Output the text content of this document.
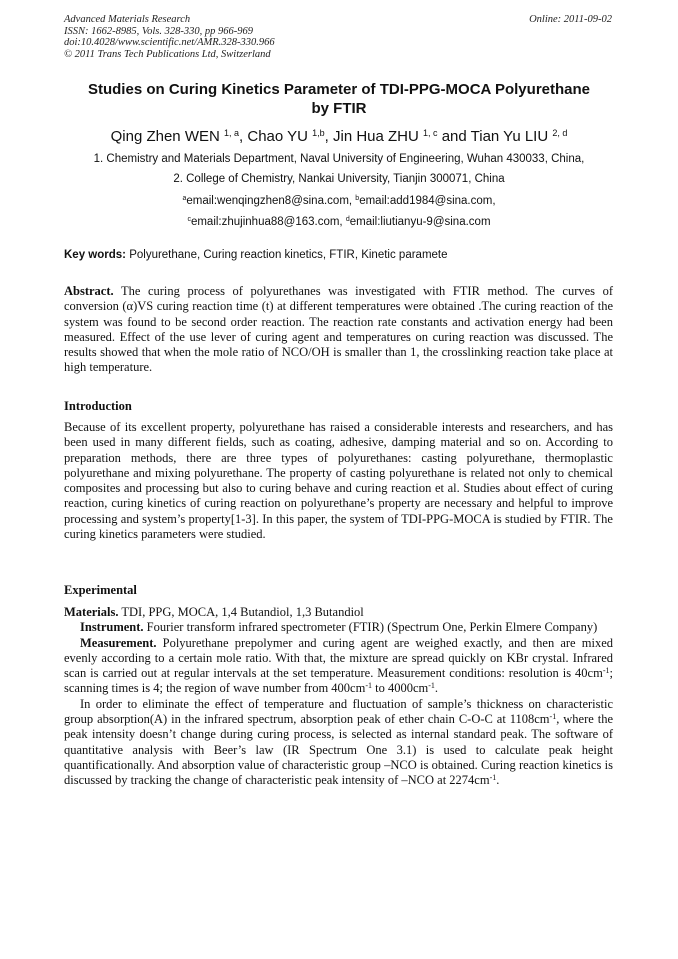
Advanced Materials Research
ISSN: 1662-8985, Vols. 328-330, pp 966-969
doi:10.4028/www.scientific.net/AMR.328-330.966
© 2011 Trans Tech Publications Ltd, Switzerland
Online: 2011-09-02
Studies on Curing Kinetics Parameter of TDI-PPG-MOCA Polyurethane
by FTIR
Qing Zhen WEN $^{1, a}$, Chao YU $^{1,b}$, Jin Hua ZHU $^{1, c}$ and Tian Yu LIU $^{2, d}$
1. Chemistry and Materials Department, Naval University of Engineering, Wuhan 430033, China,
2. College of Chemistry, Nankai University, Tianjin 300071, China
$^a$email:wenqingzhen8@sina.com, $^b$email:add1984@sina.com,
$^c$email:zhujinhua88@163.com, $^d$email:liutianyu-9@sina.com
Key words: Polyurethane, Curing reaction kinetics, FTIR, Kinetic paramete

Abstract. The curing process of polyurethanes was investigated with FTIR method. The curves of conversion (α)VS curing reaction time (t) at different temperatures were obtained .The curing reaction of the system was found to be second order reaction. The reaction rate constants and activation energy had been measured. Effect of the use lever of curing agent and temperatures on curing reaction was discussed. The results showed that when the mole ratio of NCO/OH is smaller than 1, the crosslinking reaction take place at high temperature.

Introduction

Because of its excellent property, polyurethane has raised a considerable interests and researchers, and has been used in many different fields, such as coating, adhesive, damping material and so on. According to preparation methods, there are three types of polyurethanes: casting polyurethane, thermoplastic polyurethane and mixing polyurethane. The property of casting polyurethane is related not only to chemical composites and processing but also to curing behave and curing reaction et al. Studies about effect of curing reaction, curing kinetics of curing reaction on polyurethane’s property are necessary and helpful to improve processing and system’s property[1-3]. In this paper, the system of TDI-PPG-MOCA is studied by FTIR. The curing kinetics parameters were studied.

Experimental

Materials. TDI, PPG, MOCA, 1,4 Butandiol, 1,3 Butandiol

Instrument. Fourier transform infrared spectrometer (FTIR) (Spectrum One, Perkin Elmere Company)

Measurement. Polyurethane prepolymer and curing agent are weighed exactly, and then are mixed evenly according to a certain mole ratio. With that, the mixture are spread quickly on KBr crystal. Infrared scan is carried out at regular intervals at the set temperature. Measurement conditions: resolution is $40cm^{-1}$; scanning times is 4; the region of wave number from $400cm^{-1}$ to $4000cm^{-1}$.

In order to eliminate the effect of temperature and fluctuation of sample’s thickness on characteristic group absorption(A) in the infrared spectrum, absorption peak of ether chain C-O-C at $1108cm^{-1}$, where the peak intensity doesn’t change during curing process, is selected as internal standard peak. The software of quantitative analysis with Beer’s law (IR Spectrum One 3.1) is used to calculate peak height quantificationally. And absorption value of characteristic group –NCO is obtained. Curing reaction kinetics is discussed by tracking the change of characteristic peak intensity of –NCO at $2274cm^{-1}$.
